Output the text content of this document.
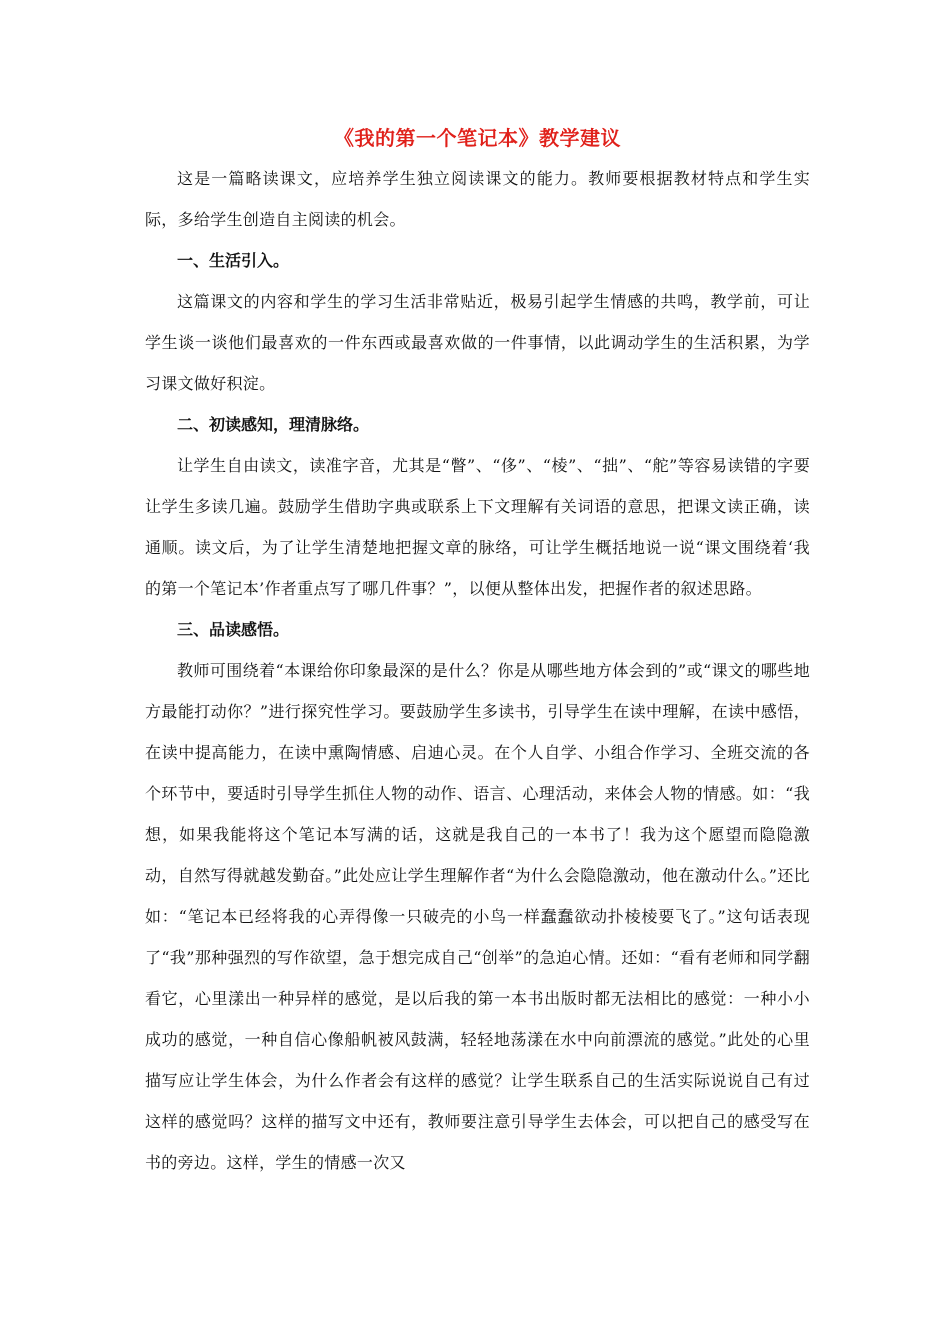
《我的第一个笔记本》教学建议

这是一篇略读课文，应培养学生独立阅读课文的能力。教师要根据教材特点和学生实际，多给学生创造自主阅读的机会。

一、生活引入。

这篇课文的内容和学生的学习生活非常贴近，极易引起学生情感的共鸣，教学前，可让学生谈一谈他们最喜欢的一件东西或最喜欢做的一件事情，以此调动学生的生活积累，为学习课文做好积淀。

二、初读感知，理清脉络。

让学生自由读文，读准字音，尤其是“瞥”、“侈”、“棱”、“拙”、“舵”等容易读错的字要让学生多读几遍。鼓励学生借助字典或联系上下文理解有关词语的意思，把课文读正确，读通顺。读文后，为了让学生清楚地把握文章的脉络，可让学生概括地说一说“课文围绕着‘我的第一个笔记本’作者重点写了哪几件事？”，以便从整体出发，把握作者的叙述思路。

三、品读感悟。

教师可围绕着“本课给你印象最深的是什么？你是从哪些地方体会到的”或“课文的哪些地方最能打动你？”进行探究性学习。要鼓励学生多读书，引导学生在读中理解，在读中感悟，在读中提高能力，在读中熏陶情感、启迪心灵。在个人自学、小组合作学习、全班交流的各个环节中，要适时引导学生抓住人物的动作、语言、心理活动，来体会人物的情感。如：“我想，如果我能将这个笔记本写满的话，这就是我自己的一本书了！我为这个愿望而隐隐激动，自然写得就越发勤奋。”此处应让学生理解作者“为什么会隐隐激动，他在激动什么。”还比如：“笔记本已经将我的心弄得像一只破壳的小鸟一样蠢蠢欲动扑棱棱要飞了。”这句话表现了“我”那种强烈的写作欲望，急于想完成自己“创举”的急迫心情。还如：“看有老师和同学翻看它，心里漾出一种异样的感觉，是以后我的第一本书出版时都无法相比的感觉：一种小小成功的感觉，一种自信心像船帆被风鼓满，轻轻地荡漾在水中向前漂流的感觉。”此处的心里描写应让学生体会，为什么作者会有这样的感觉？让学生联系自己的生活实际说说自己有过这样的感觉吗？这样的描写文中还有，教师要注意引导学生去体会，可以把自己的感受写在书的旁边。这样，学生的情感一次又
